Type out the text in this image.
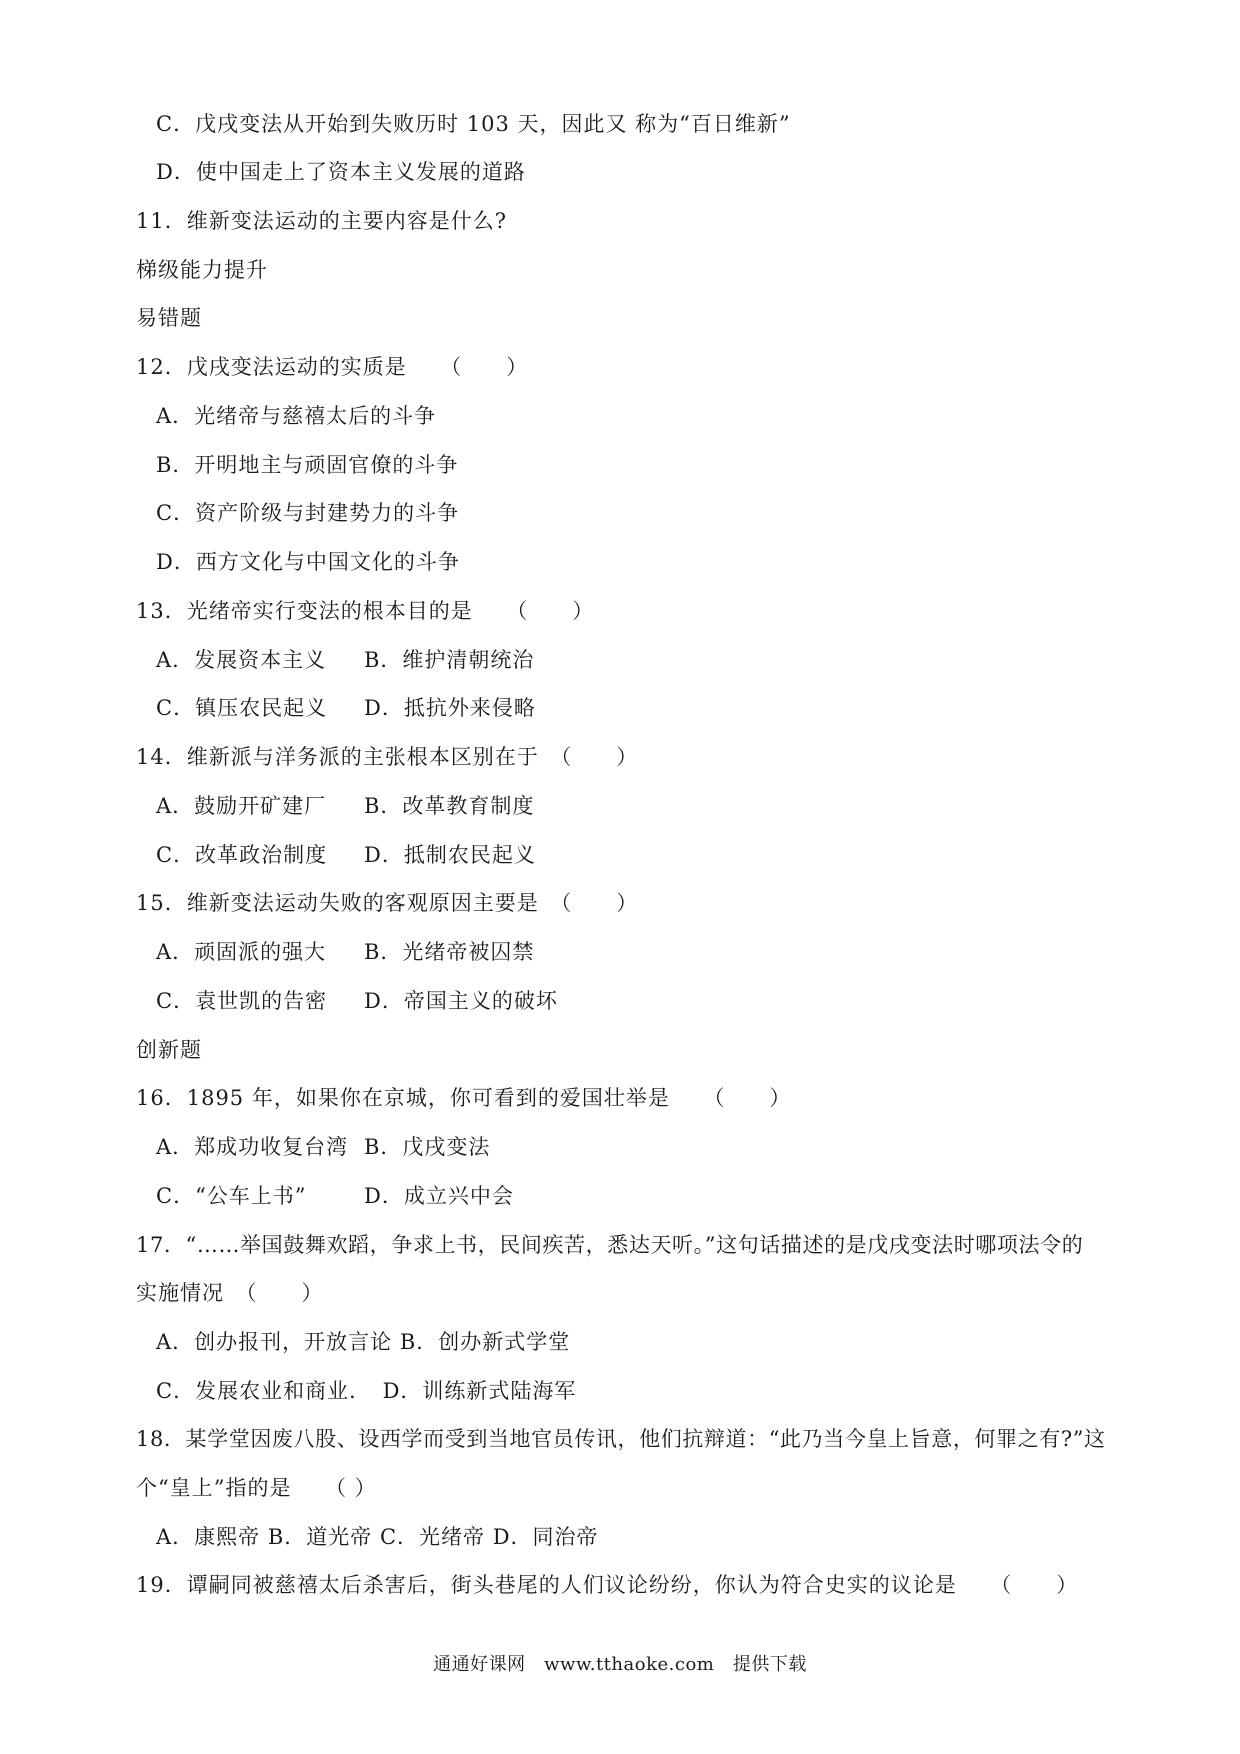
C．戊戌变法从开始到失败历时 103 天，因此又 称为“百日维新”
D．使中国走上了资本主义发展的道路
11．维新变法运动的主要内容是什么?
梯级能力提升
易错题
12．戊戌变法运动的实质是　　（　　）
A．光绪帝与慈禧太后的斗争
B．开明地主与顽固官僚的斗争
C．资产阶级与封建势力的斗争
D．西方文化与中国文化的斗争
13．光绪帝实行变法的根本目的是　　（　　）
A．发展资本主义 B．维护清朝统治
C．镇压农民起义 D．抵抗外来侵略
14．维新派与洋务派的主张根本区别在于　（　　）
A．鼓励开矿建厂 B．改革教育制度
C．改革政治制度 D．抵制农民起义
15．维新变法运动失败的客观原因主要是　（　　）
A．顽固派的强大 B．光绪帝被囚禁
C．袁世凯的告密 D．帝国主义的破坏
创新题
16．1895 年，如果你在京城，你可看到的爱国壮举是　　（　　）
A．郑成功收复台湾 B．戊戌变法
C．“公车上书”	D．成立兴中会
17．“……举国鼓舞欢蹈，争求上书，民间疾苦，悉达天听。”这句话描述的是戊戌变法时哪项法令的
实施情况　（　　）
A．创办报刊，开放言论 B．创办新式学堂
C．发展农业和商业．　D．训练新式陆海军
18．某学堂因废八股、设西学而受到当地官员传讯，他们抗辩道：“此乃当今皇上旨意，何罪之有?”这
个“皇上”指的是　　（ ）
A．康熙帝 B．道光帝 C．光绪帝 D．同治帝
19．谭嗣同被慈禧太后杀害后，街头巷尾的人们议论纷纷，你认为符合史实的议论是　　（　　）
通通好课网　www.tthaoke.com　提供下载
